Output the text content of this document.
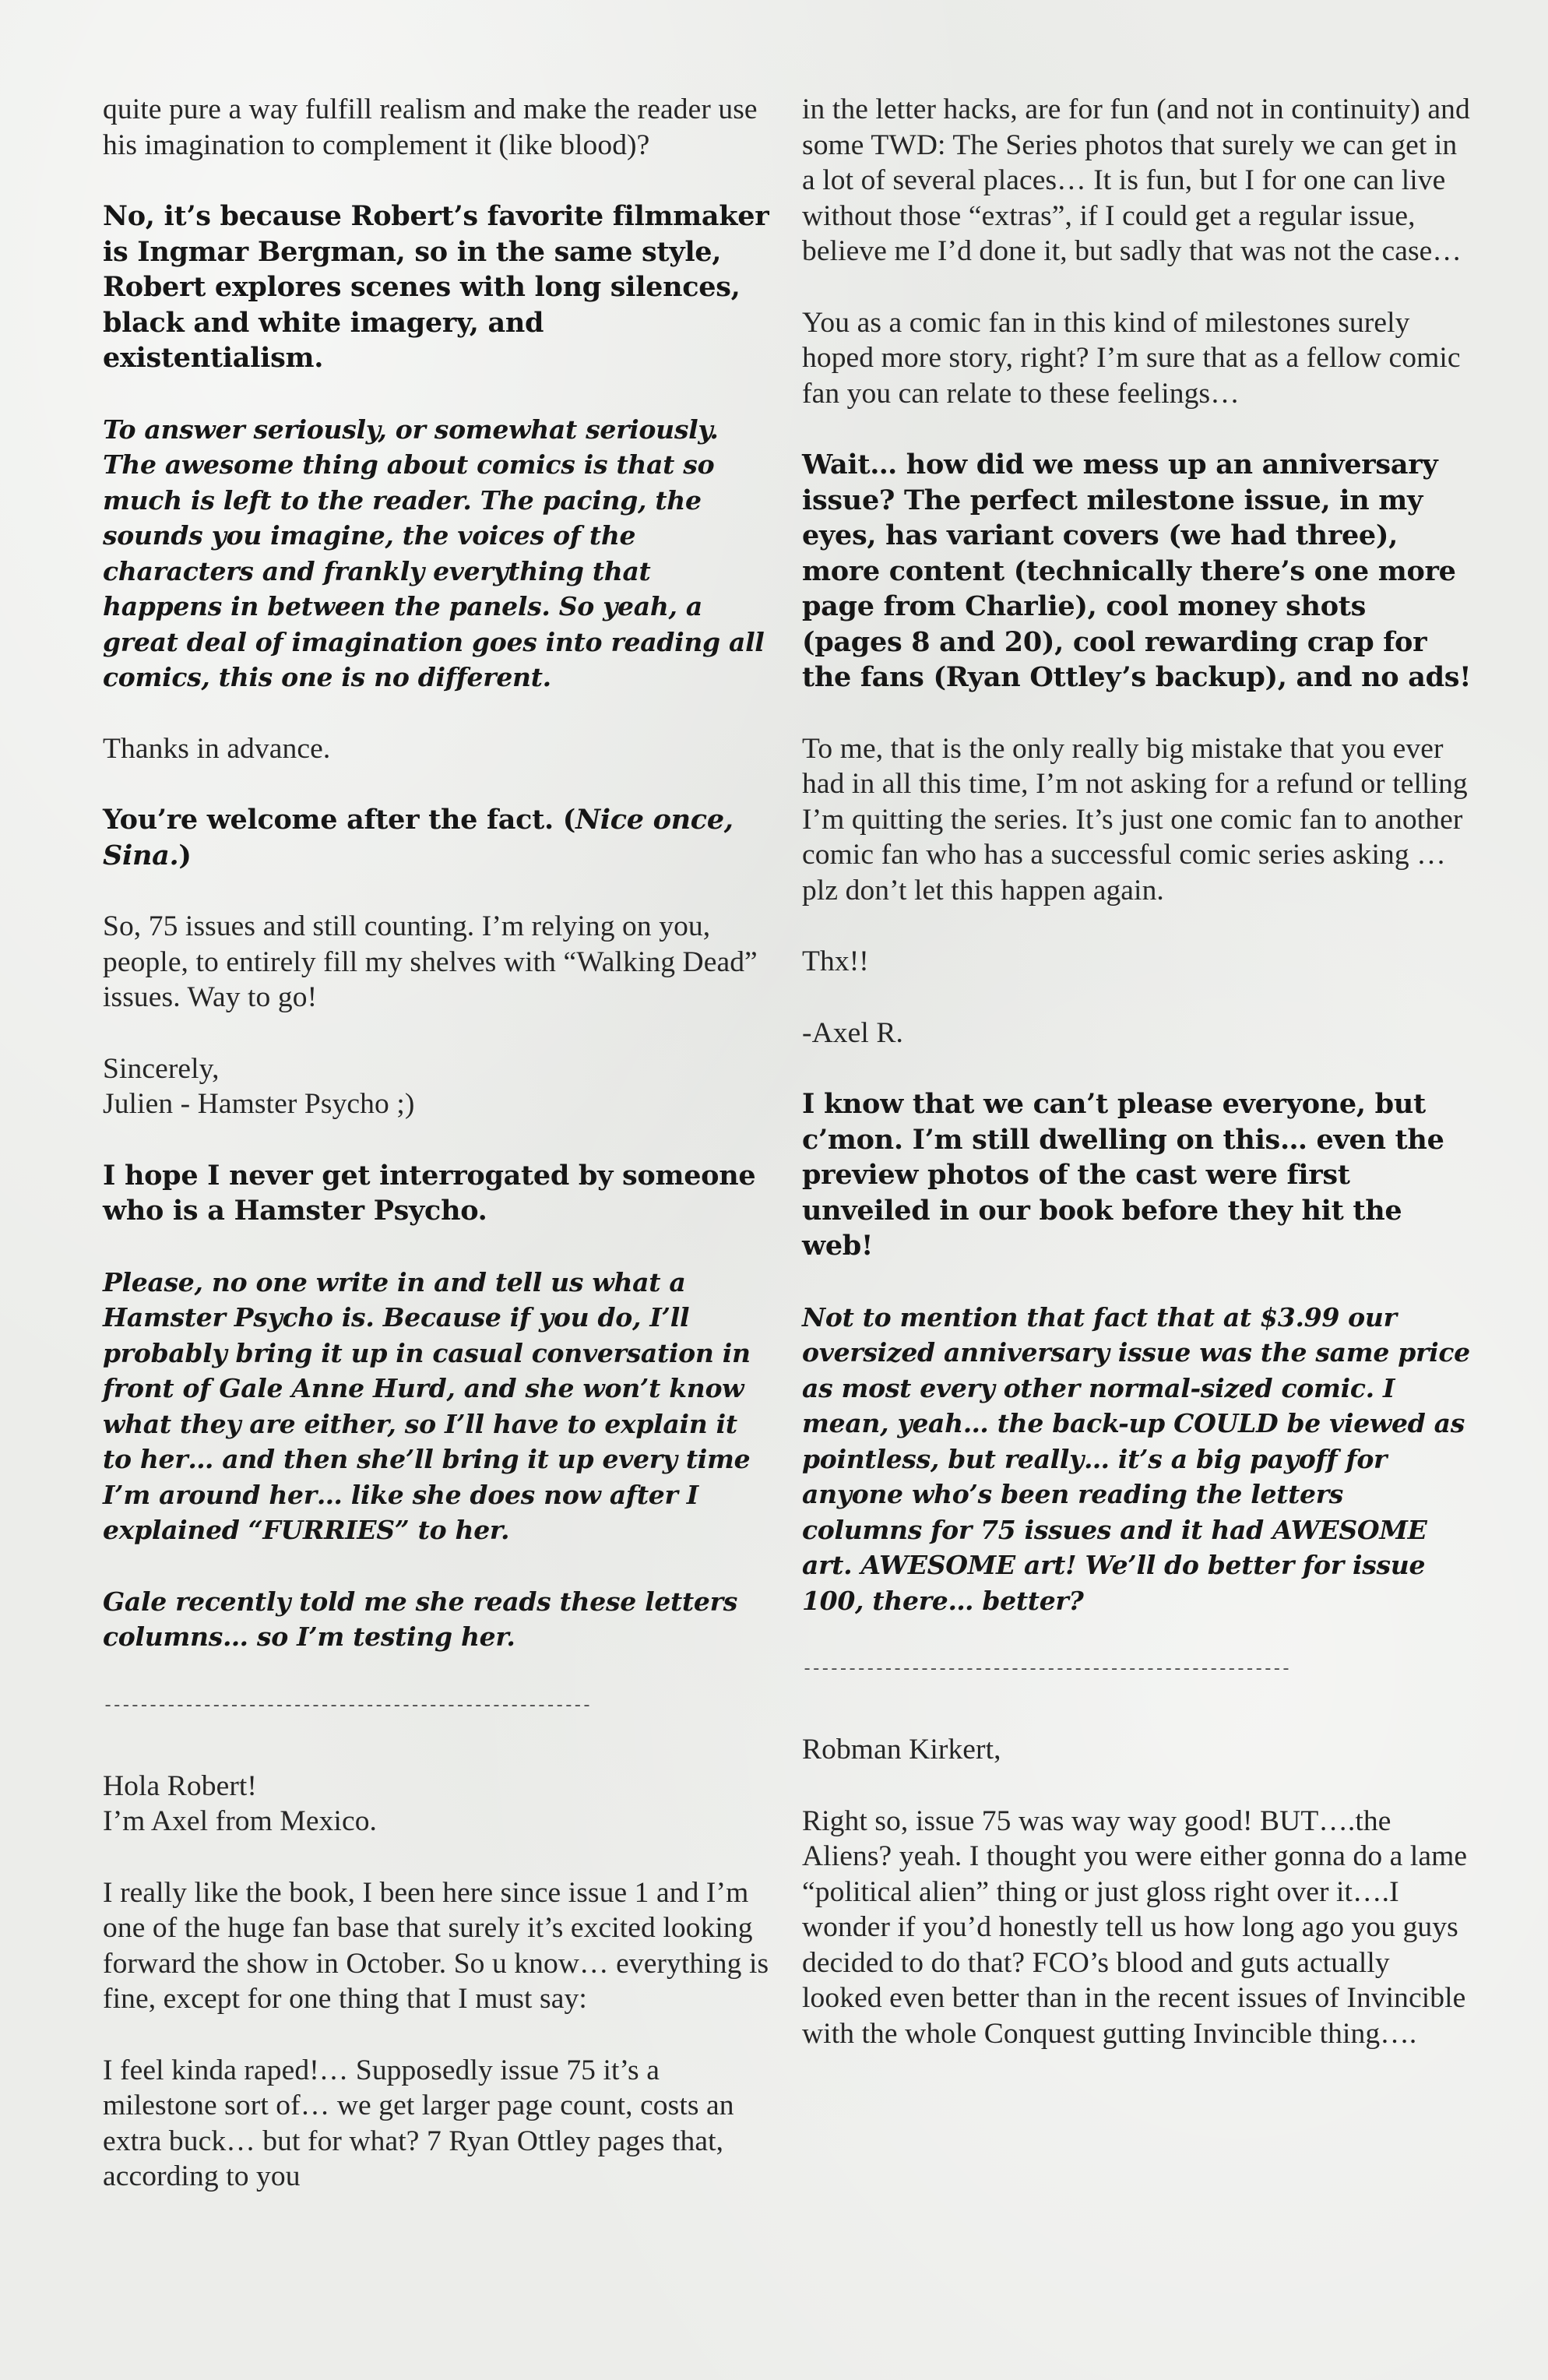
quite pure a way fulfill realism and make the reader use his imagination to complement it (like blood)?

No, it’s because Robert’s favorite filmmaker is Ingmar Bergman, so in the same style, Robert explores scenes with long silences, black and white imagery, and existentialism.

To answer seriously, or somewhat seriously. The awesome thing about comics is that so much is left to the reader. The pacing, the sounds you imagine, the voices of the characters and frankly everything that happens in between the panels. So yeah, a great deal of imagination goes into reading all comics, this one is no different.

Thanks in advance.

You’re welcome after the fact. (Nice once, Sina.)

So, 75 issues and still counting. I’m relying on you, people, to entirely fill my shelves with “Walking Dead” issues. Way to go!

Sincerely,
Julien - Hamster Psycho ;)

I hope I never get interrogated by someone who is a Hamster Psycho.

Please, no one write in and tell us what a Hamster Psycho is. Because if you do, I’ll probably bring it up in casual conversation in front of Gale Anne Hurd, and she won’t know what they are either, so I’ll have to explain it to her… and then she’ll bring it up every time I’m around her… like she does now after I explained “FURRIES” to her.

Gale recently told me she reads these letters columns… so I’m testing her.

------------------------------------------------------

Hola Robert!
I’m Axel from Mexico.

I really like the book, I been here since issue 1 and I’m one of the huge fan base that surely it’s excited looking forward the show in October. So u know… everything is fine, except for one thing that I must say:

I feel kinda raped!… Supposedly issue 75 it’s a milestone sort of… we get larger page count, costs an extra buck… but for what? 7 Ryan Ottley pages that, according to you

in the letter hacks, are for fun (and not in continuity) and some TWD: The Series photos that surely we can get in a lot of several places… It is fun, but I for one can live without those “extras”, if I could get a regular issue, believe me I’d done it, but sadly that was not the case…

You as a comic fan in this kind of milestones surely hoped more story, right? I’m sure that as a fellow comic fan you can relate to these feelings…

Wait… how did we mess up an anniversary issue? The perfect milestone issue, in my eyes, has variant covers (we had three), more content (technically there’s one more page from Charlie), cool money shots (pages 8 and 20), cool rewarding crap for the fans (Ryan Ottley’s backup), and no ads!

To me, that is the only really big mistake that you ever had in all this time, I’m not asking for a refund or telling I’m quitting the series. It’s just one comic fan to another comic fan who has a successful comic series asking … plz don’t let this happen again.

Thx!!

-Axel R.

I know that we can’t please everyone, but c’mon. I’m still dwelling on this… even the preview photos of the cast were first unveiled in our book before they hit the web!

Not to mention that fact that at $3.99 our oversized anniversary issue was the same price as most every other normal-sized comic. I mean, yeah… the back-up COULD be viewed as pointless, but really… it’s a big payoff for anyone who’s been reading the letters columns for 75 issues and it had AWESOME art. AWESOME art! We’ll do better for issue 100, there… better?

------------------------------------------------------

Robman Kirkert,

Right so, issue 75 was way way good! BUT….the Aliens? yeah. I thought you were either gonna do a lame “political alien” thing or just gloss right over it….I wonder if you’d honestly tell us how long ago you guys decided to do that? FCO’s blood and guts actually looked even better than in the recent issues of Invincible with the whole Conquest gutting Invincible thing….
